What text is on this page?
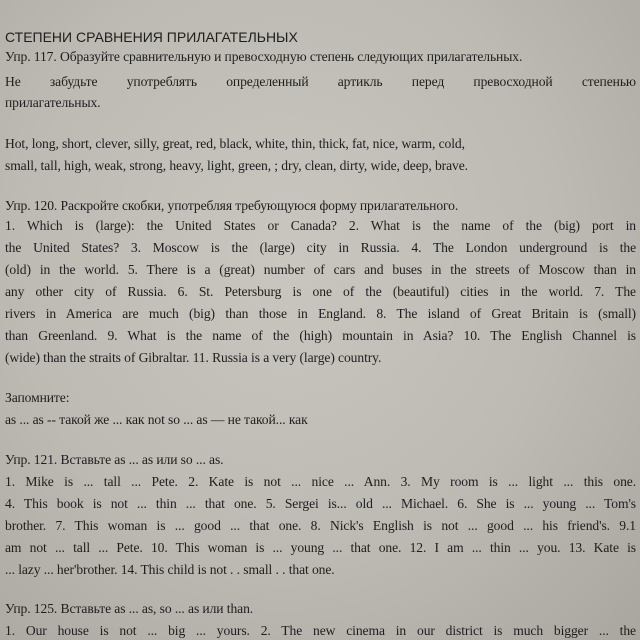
СТЕПЕНИ СРАВНЕНИЯ ПРИЛАГАТЕЛЬНЫХ
Упр. 117. Образуйте сравнительную и превосходную степень следующих прилагательных.
Не забудьте употреблять определенный артикль перед превосходной степенью
прилагательных.
Hot, long, short, clever, silly, great, red, black, white, thin, thick, fat, nice, warm, cold,
small, tall, high, weak, strong, heavy, light, green, ; dry, clean, dirty, wide, deep, brave.
Упр. 120. Раскройте скобки, употребляя требующуюся форму прилагательного.
1. Which is (large): the United States or Canada? 2. What is the name of the (big) port in
the United States? 3. Moscow is the (large) city in Russia. 4. The London underground is the
(old) in the world. 5. There is a (great) number of cars and buses in the streets of Moscow than in
any other city of Russia. 6. St. Petersburg is one of the (beautiful) cities in the world. 7. The
rivers in America are much (big) than those in England. 8. The island of Great Britain is (small)
than Greenland. 9. What is the name of the (high) mountain in Asia? 10. The English Channel is
(wide) than the straits of Gibraltar. 11. Russia is a very (large) country.
Запомните:
as ... as -- такой же ... как not so ... as — не такой... как
Упр. 121. Вставьте as ... as или so ... as.
1. Mike is ... tall ... Pete. 2. Kate is not ... nice ... Ann. 3. My room is ... light ... this one.
4. This book is not ... thin ... that one. 5. Sergei is... old ... Michael. 6. She is ... young ... Tom's
brother. 7. This woman is ... good ... that one. 8. Nick's English is not ... good ... his friend's. 9.1
am not ... tall ... Pete. 10. This woman is ... young ... that one. 12. I am ... thin ... you. 13. Kate is
... lazy ... her'brother. 14. This child is not . . small . . that one.
Упр. 125. Вставьте as ... as, so ... as или than.
1. Our house is not ... big ... yours. 2. The new cinema in our district is much bigger ... the
